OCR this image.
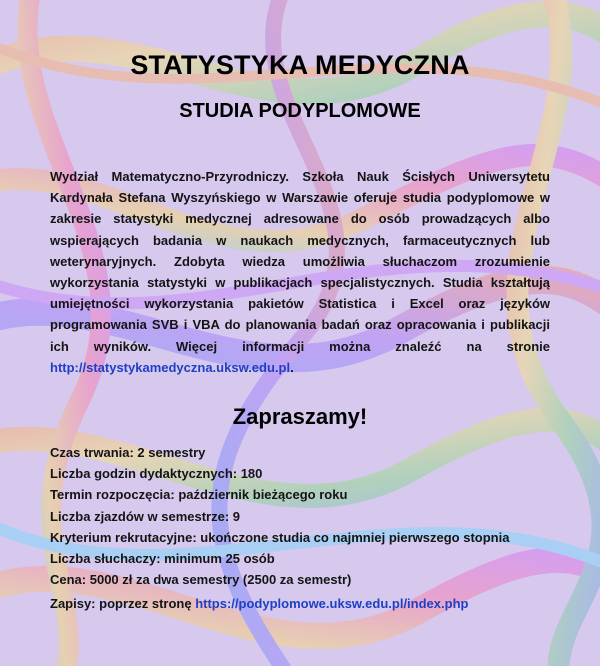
STATYSTYKA MEDYCZNA
STUDIA PODYPLOMOWE

Wydział Matematyczno-Przyrodniczy. Szkoła Nauk Ścisłych Uniwersytetu Kardynała Stefana Wyszyńskiego w Warszawie oferuje studia podyplomowe w zakresie statystyki medycznej adresowane do osób prowadzących albo wspierających badania w naukach medycznych, farmaceutycznych lub weterynaryjnych. Zdobyta wiedza umożliwia słuchaczom zrozumienie wykorzystania statystyki w publikacjach specjalistycznych. Studia kształtują umiejętności wykorzystania pakietów Statistica i Excel oraz języków programowania SVB i VBA do planowania badań oraz opracowania i publikacji ich wyników. Więcej informacji można znaleźć na stronie http://statystykamedyczna.uksw.edu.pl.

Zapraszamy!
Czas trwania: 2 semestry
Liczba godzin dydaktycznych: 180
Termin rozpoczęcia: październik bieżącego roku
Liczba zjazdów w semestrze: 9
Kryterium rekrutacyjne: ukończone studia co najmniej pierwszego stopnia
Liczba słuchaczy: minimum 25 osób
Cena: 5000 zł za dwa semestry (2500 za semestr)

Zapisy: poprzez stronę https://podyplomowe.uksw.edu.pl/index.php
